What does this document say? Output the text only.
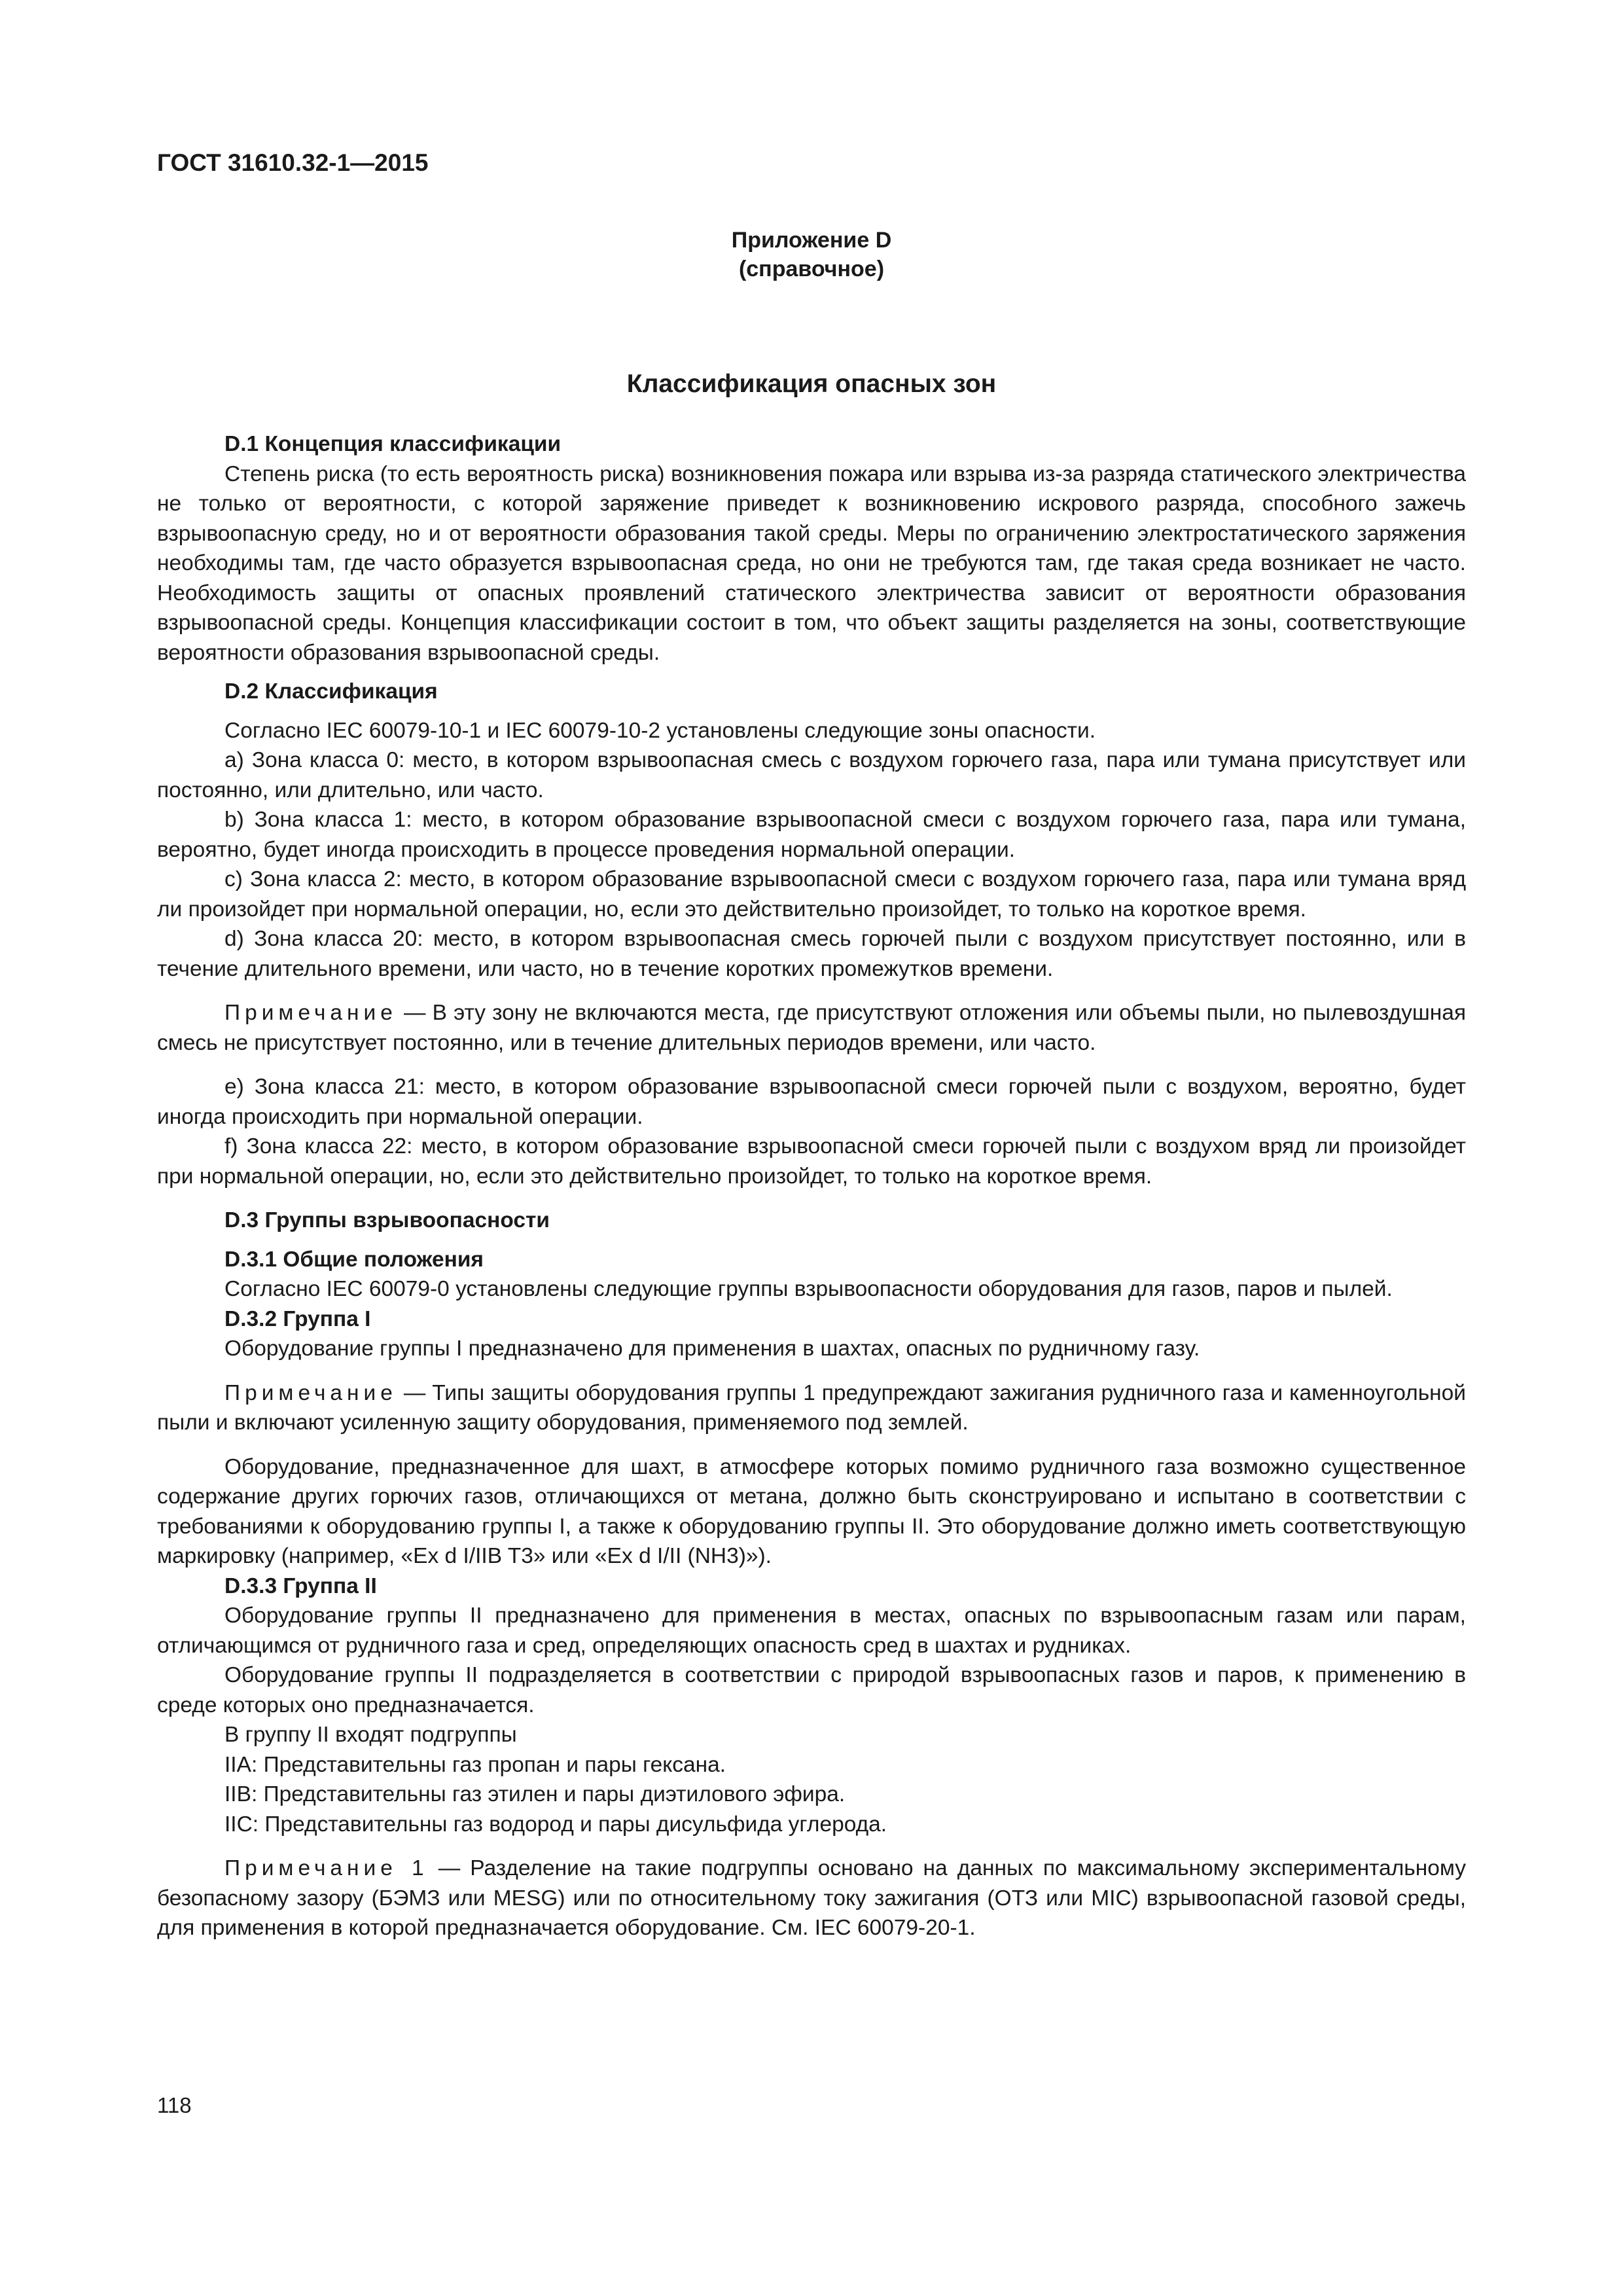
ГОСТ 31610.32-1—2015

Приложение D
(справочное)
Классификация опасных зон
D.1 Концепция классификации

Степень риска (то есть вероятность риска) возникновения пожара или взрыва из-за разряда статического электричества не только от вероятности, с которой заряжение приведет к возникновению искрового разряда, способного зажечь взрывоопасную среду, но и от вероятности образования такой среды. Меры по ограничению электростатического заряжения необходимы там, где часто образуется взрывоопасная среда, но они не требуются там, где такая среда возникает не часто. Необходимость защиты от опасных проявлений статического электричества зависит от вероятности образования взрывоопасной среды. Концепция классификации состоит в том, что объект защиты разделяется на зоны, соответствующие вероятности образования взрывоопасной среды.

D.2 Классификация

Согласно IEC 60079-10-1 и IEC 60079-10-2 установлены следующие зоны опасности.

a) Зона класса 0: место, в котором взрывоопасная смесь с воздухом горючего газа, пара или тумана присутствует или постоянно, или длительно, или часто.

b) Зона класса 1: место, в котором образование взрывоопасной смеси с воздухом горючего газа, пара или тумана, вероятно, будет иногда происходить в процессе проведения нормальной операции.

c) Зона класса 2: место, в котором образование взрывоопасной смеси с воздухом горючего газа, пара или тумана вряд ли произойдет при нормальной операции, но, если это действительно произойдет, то только на короткое время.

d) Зона класса 20: место, в котором взрывоопасная смесь горючей пыли с воздухом присутствует постоянно, или в течение длительного времени, или часто, но в течение коротких промежутков времени.

Примечание — В эту зону не включаются места, где присутствуют отложения или объемы пыли, но пылевоздушная смесь не присутствует постоянно, или в течение длительных периодов времени, или часто.

e) Зона класса 21: место, в котором образование взрывоопасной смеси горючей пыли с воздухом, вероятно, будет иногда происходить при нормальной операции.

f) Зона класса 22: место, в котором образование взрывоопасной смеси горючей пыли с воздухом вряд ли произойдет при нормальной операции, но, если это действительно произойдет, то только на короткое время.

D.3 Группы взрывоопасности
D.3.1 Общие положения

Согласно IEC 60079-0 установлены следующие группы взрывоопасности оборудования для газов, паров и пылей.

D.3.2 Группа I

Оборудование группы I предназначено для применения в шахтах, опасных по рудничному газу.

Примечание — Типы защиты оборудования группы 1 предупреждают зажигания рудничного газа и каменноугольной пыли и включают усиленную защиту оборудования, применяемого под землей.

Оборудование, предназначенное для шахт, в атмосфере которых помимо рудничного газа возможно существенное содержание других горючих газов, отличающихся от метана, должно быть сконструировано и испытано в соответствии с требованиями к оборудованию группы I, а также к оборудованию группы II. Это оборудование должно иметь соответствующую маркировку (например, «Ex d I/IIB T3» или «Ex d I/II (NH3)»).

D.3.3 Группа II

Оборудование группы II предназначено для применения в местах, опасных по взрывоопасным газам или парам, отличающимся от рудничного газа и сред, определяющих опасность сред в шахтах и рудниках.

Оборудование группы II подразделяется в соответствии с природой взрывоопасных газов и паров, к применению в среде которых оно предназначается.

В группу II входят подгруппы

IIA: Представительны газ пропан и пары гексана.

IIB: Представительны газ этилен и пары диэтилового эфира.

IIC: Представительны газ водород и пары дисульфида углерода.

Примечание 1 — Разделение на такие подгруппы основано на данных по максимальному экспериментальному безопасному зазору (БЭМЗ или MESG) или по относительному току зажигания (ОТЗ или MIC) взрывоопасной газовой среды, для применения в которой предназначается оборудование. См. IEC 60079-20-1.

118
